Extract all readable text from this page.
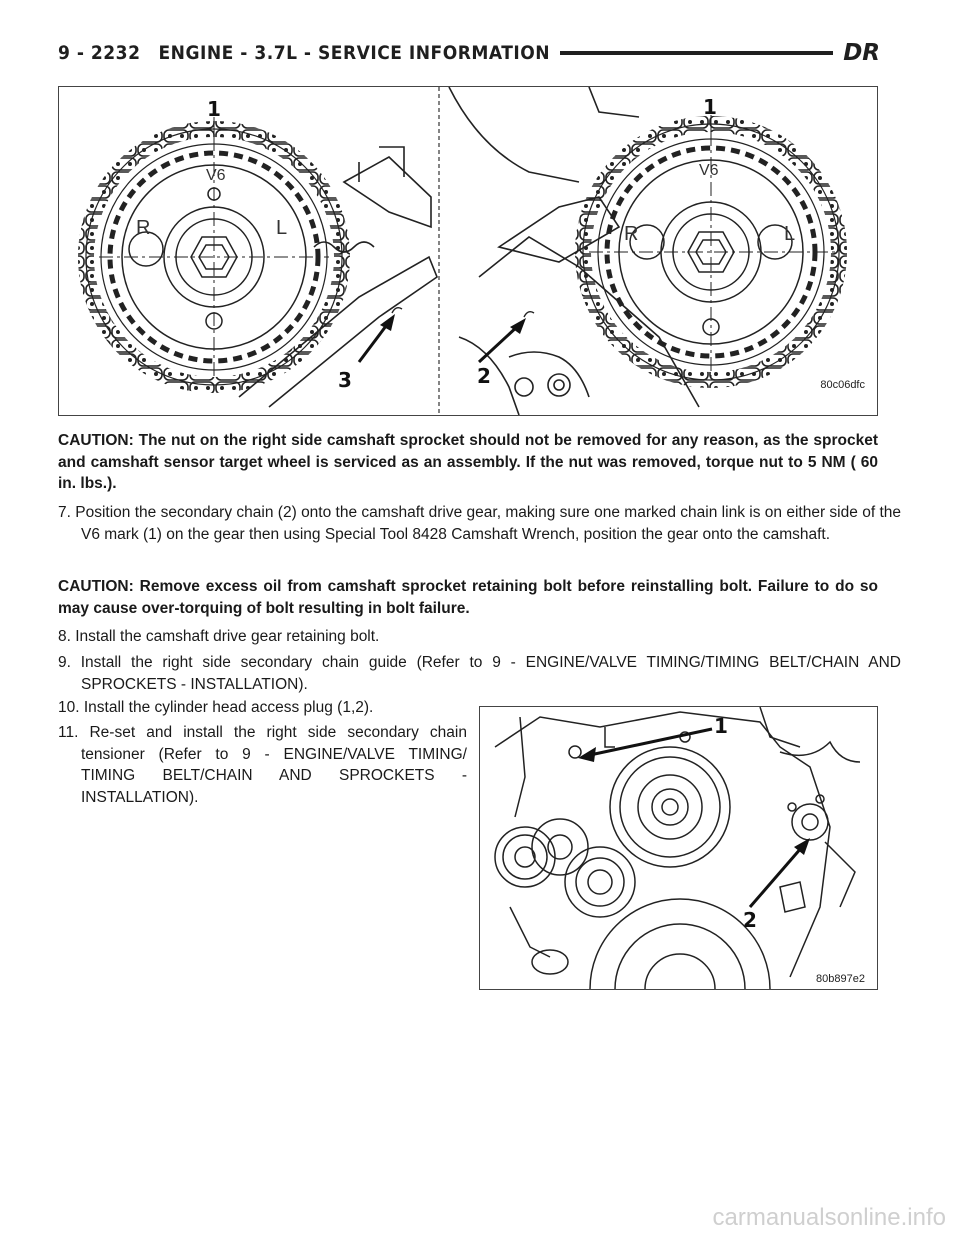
9 - 2232 ENGINE - 3.7L - SERVICE INFORMATION	DR
V6
R	L
V6
R	L
1	1
2
3	80c06dfc
CAUTION: The nut on the right side camshaft sprocket should not be removed for any reason, as the sprocket and camshaft sensor target wheel is serviced as an assembly. If the nut was removed, torque nut to 5 NM ( 60 in. lbs.).
7. Position the secondary chain (2) onto the camshaft drive gear, making sure one marked chain link is on either side of the V6 mark (1) on the gear then using Special Tool 8428 Camshaft Wrench, position the gear onto the camshaft.
CAUTION: Remove excess oil from camshaft sprocket retaining bolt before reinstalling bolt. Failure to do so may cause over-torquing of bolt resulting in bolt failure.
8. Install the camshaft drive gear retaining bolt.
9. Install the right side secondary chain guide (Refer to 9 - ENGINE/VALVE TIMING/TIMING BELT/CHAIN AND SPROCKETS - INSTALLATION).
10. Install the cylinder head access plug (1,2).
11. Re-set and install the right side secondary chain tensioner (Refer to 9 - ENGINE/VALVE TIMING/ TIMING BELT/CHAIN AND SPROCKETS - INSTALLATION).
1
2
80b897e2
carmanualsonline.info
